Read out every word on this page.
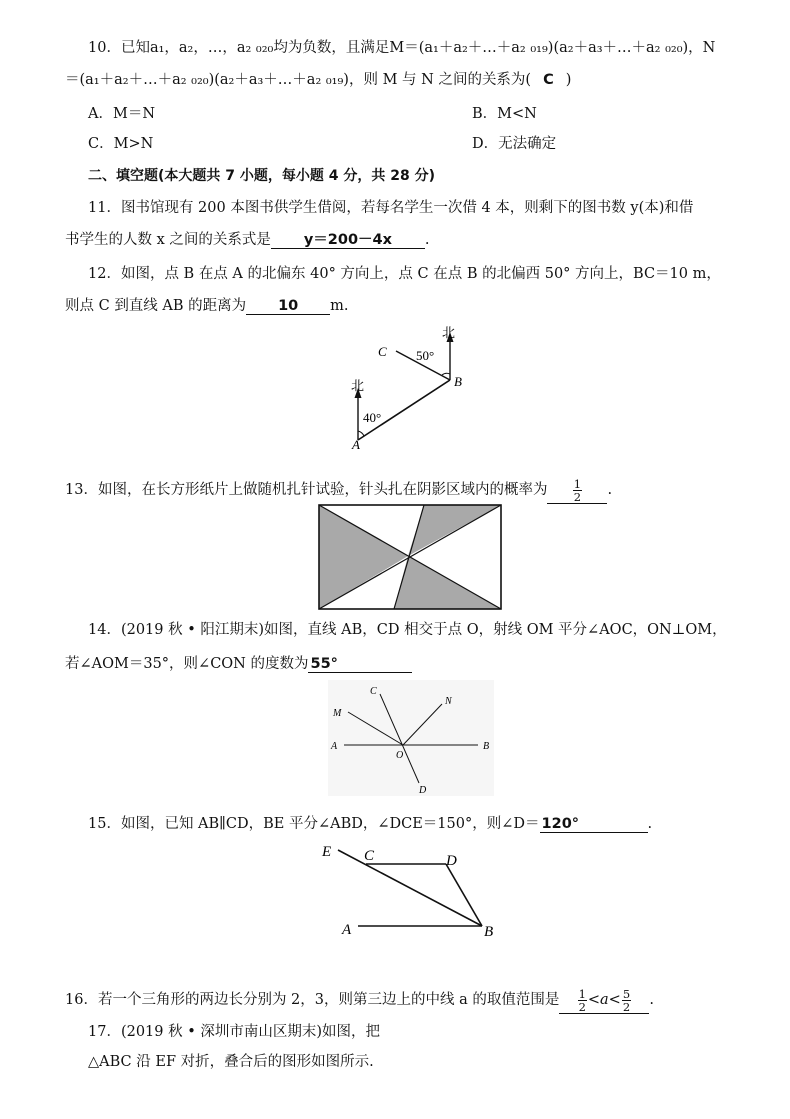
10．已知a₁，a₂，…，a₂ ₀₂₀均为负数，且满足M＝(a₁＋a₂＋…＋a₂ ₀₁₉)(a₂＋a₃＋…＋a₂ ₀₂₀)，N
＝(a₁＋a₂＋…＋a₂ ₀₂₀)(a₂＋a₃＋…＋a₂ ₀₁₉)，则 M 与 N 之间的关系为( C )
A．M＝N	B．M<N
C．M>N	D．无法确定
二、填空题(本大题共 7 小题，每小题 4 分，共 28 分)
11．图书馆现有 200 本图书供学生借阅，若每名学生一次借 4 本，则剩下的图书数 y(本)和借
书学生的人数 x 之间的关系式是 y＝200－4x .
12．如图，点 B 在点 A 的北偏东 40° 方向上，点 C 在点 B 的北偏西 50° 方向上，BC＝10 m，
则点 C 到直线 AB 的距离为 10 m.
北
北
50°
40°
C
B
A
13．如图，在长方形纸片上做随机扎针试验，针头扎在阴影区域内的概率为 $\frac{1}{2}$ .
14．(2019 秋 • 阳江期末)如图，直线 AB，CD 相交于点 O，射线 OM 平分∠AOC，ON⊥OM，
若∠AOM＝35°，则∠CON 的度数为 55°
C
M
N
A
O
B
D
15．如图，已知 AB∥CD，BE 平分∠ABD，∠DCE＝150°，则∠D＝ 120°	.
E C	D
A	B
16．若一个三角形的两边长分别为 2，3，则第三边上的中线 a 的取值范围是 $\frac{1}{2} <a< \frac{5}{2}$ .
17．(2019 秋 • 深圳市南山区期末)如图，把
△ABC 沿 EF 对折，叠合后的图形如图所示.
